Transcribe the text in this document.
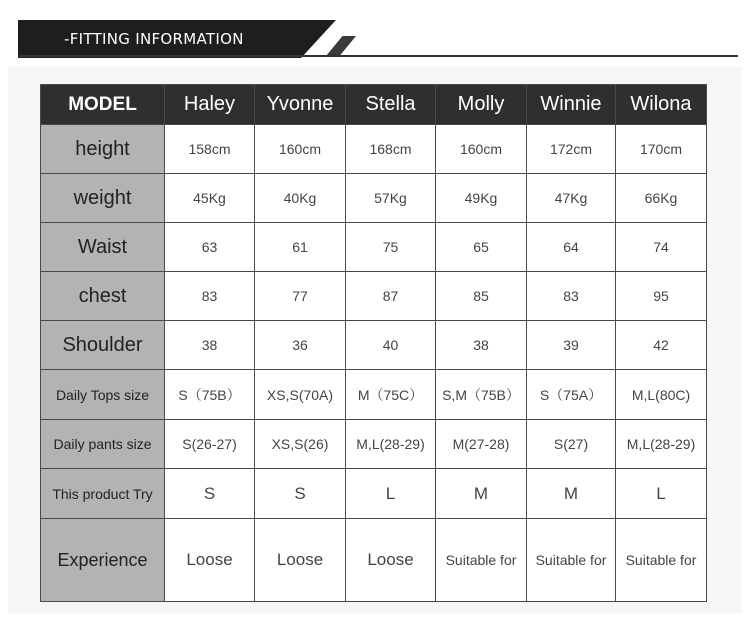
-FITTING INFORMATION
MODEL	Haley	Yvonne	Stella	Molly	Winnie	Wilona
height	158cm	160cm	168cm	160cm	172cm	170cm
weight	45Kg	40Kg	57Kg	49Kg	47Kg	66Kg
Waist	63	61	75	65	64	74
chest	83	77	87	85	83	95
Shoulder	38	36	40	38	39	42
Daily Tops size	S（75B）	XS,S(70A)	M（75C）	S,M（75B）	S（75A）	M,L(80C)
Daily pants size	S(26-27)	XS,S(26)	M,L(28-29)	M(27-28)	S(27)	M,L(28-29)
This product Try	S	S	L	M	M	L
Experience	Loose	Loose	Loose	Suitable for	Suitable for	Suitable for
